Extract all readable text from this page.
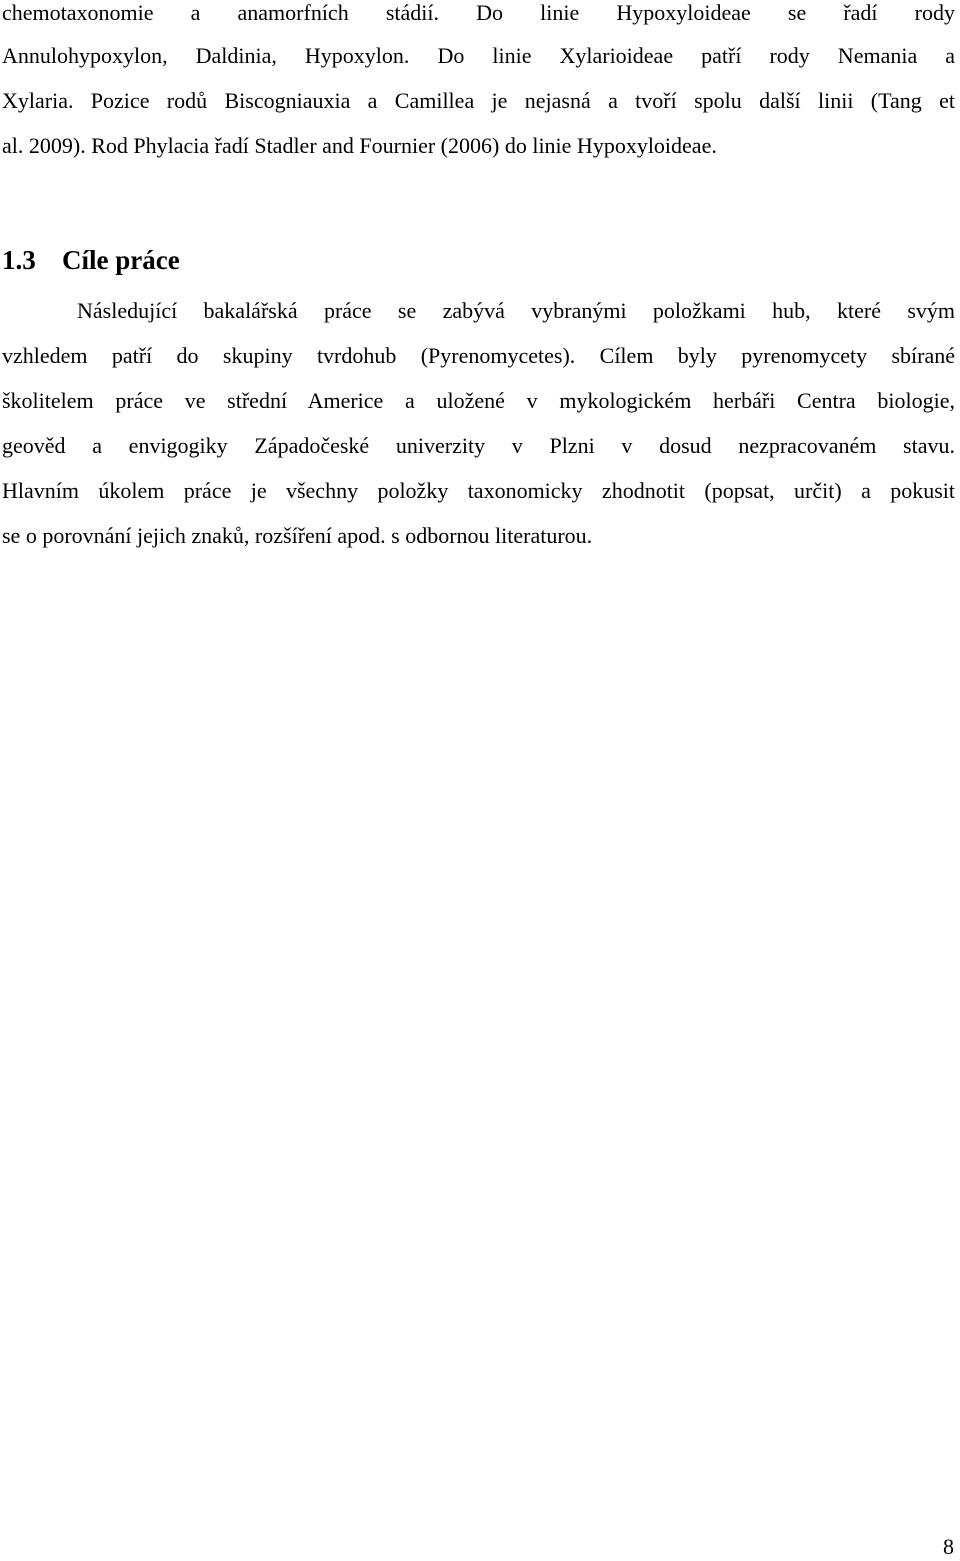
chemotaxonomie a anamorfních stádií. Do linie Hypoxyloideae se řadí rody
Annulohypoxylon, Daldinia, Hypoxylon. Do linie Xylarioideae patří rody Nemania a
Xylaria. Pozice rodů Biscogniauxia a Camillea je nejasná a tvoří spolu další linii (Tang et
al. 2009). Rod Phylacia řadí Stadler and Fournier (2006) do linie Hypoxyloideae.
1.3 Cíle práce
Následující bakalářská práce se zabývá vybranými položkami hub, které svým
vzhledem patří do skupiny tvrdohub (Pyrenomycetes). Cílem byly pyrenomycety sbírané
školitelem práce ve střední Americe a uložené v mykologickém herbáři Centra biologie,
geověd a envigogiky Západočeské univerzity v Plzni v dosud nezpracovaném stavu.
Hlavním úkolem práce je všechny položky taxonomicky zhodnotit (popsat, určit) a pokusit
se o porovnání jejich znaků, rozšíření apod. s odbornou literaturou.
8
